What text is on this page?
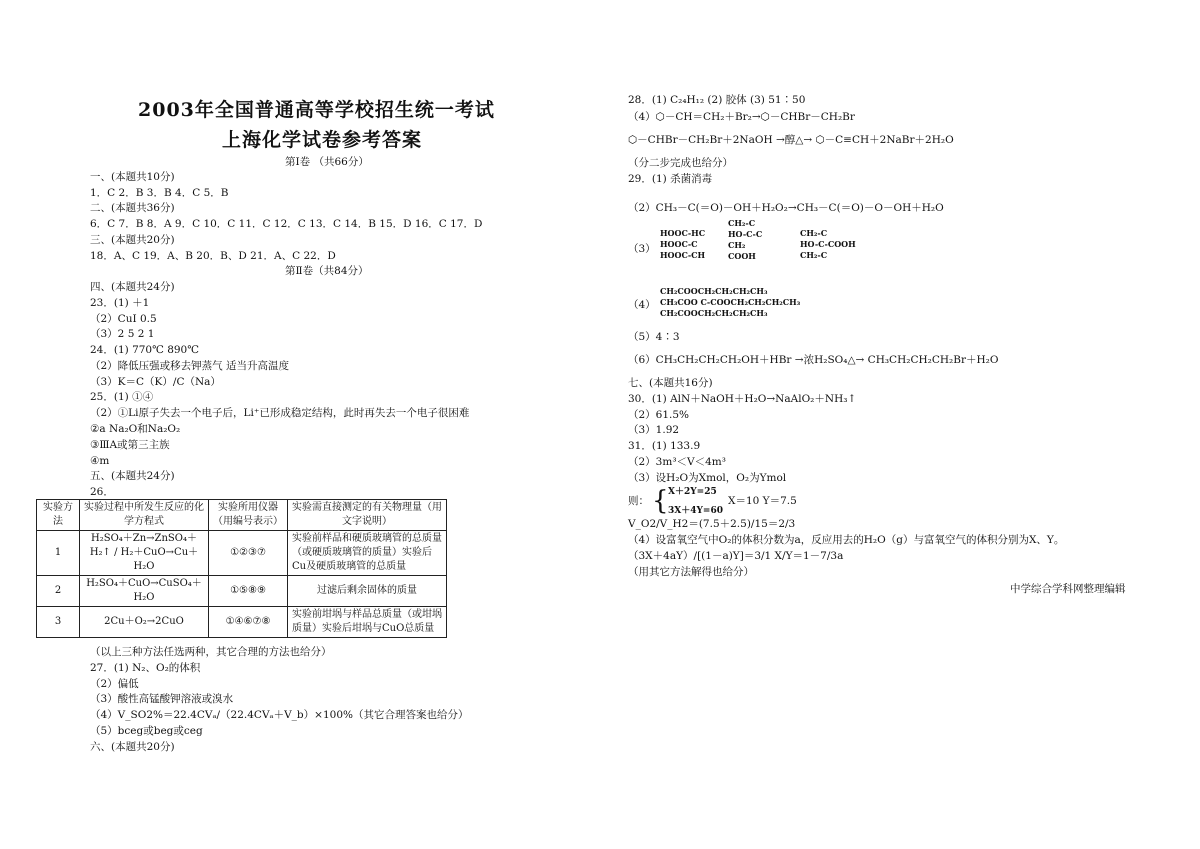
2003年全国普通高等学校招生统一考试
上海化学试卷参考答案
第Ⅰ卷 （共66分）
一、(本题共10分)
1．C 2．B 3．B 4．C 5．B
二、(本题共36分)
6．C 7．B 8．A 9．C 10．C 11．C 12．C 13．C 14．B 15．D 16．C 17．D
三、(本题共20分)
18．A、C 19．A、B 20．B、D 21．A、C 22．D
第Ⅱ卷（共84分）
四、(本题共24分)
23．(1) ＋1
（2）CuI 0.5
（3）2 5 2 1
24．(1) 770℃ 890℃
（2）降低压强或移去钾蒸气 适当升高温度
（3）K＝C（K）/C（Na）
25．(1) ①④
（2）①Li原子失去一个电子后，Li⁺已形成稳定结构，此时再失去一个电子很困难
②a Na₂O和Na₂O₂
③ⅢA或第三主族
④m
五、(本题共24分)
26．
（以上三种方法任选两种，其它合理的方法也给分）
27．(1) N₂、O₂的体积
（2）偏低
（3）酸性高锰酸钾溶液或溴水
（4）V_SO2%＝22.4CVₐ/（22.4CVₐ＋V_b）×100%（其它合理答案也给分）
（5）bceg或beg或ceg
六、(本题共20分)
实验方法	实验过程中所发生反应的化学方程式	实验所用仪器（用编号表示）	实验需直接测定的有关物理量（用文字说明）
1	H₂SO₄＋Zn→ZnSO₄＋H₂↑ / H₂＋CuO→Cu＋H₂O	①②③⑦	实验前样品和硬质玻璃管的总质量（或硬质玻璃管的质量）实验后Cu及硬质玻璃管的总质量
2	H₂SO₄＋CuO→CuSO₄＋H₂O	①⑤⑧⑨	过滤后剩余固体的质量
3	2Cu＋O₂→2CuO	①④⑥⑦⑧	实验前坩埚与样品总质量（或坩埚质量）实验后坩埚与CuO总质量
28．(1) C₂₄H₁₂ (2) 胶体 (3) 51∶50
（4）⬡－CH＝CH₂＋Br₂→⬡－CHBr－CH₂Br
⬡－CHBr－CH₂Br＋2NaOH →醇△→ ⬡－C≡CH＋2NaBr＋2H₂O
（分二步完成也给分）
29．(1) 杀菌消毒
（2）CH₃－C(＝O)－OH＋H₂O₂→CH₃－C(＝O)－O－OH＋H₂O
（3）
（4）
（5）4∶3
（6）CH₃CH₂CH₂CH₂OH＋HBr →浓H₂SO₄△→ CH₃CH₂CH₂CH₂Br＋H₂O
七、(本题共16分)
30．(1) AlN＋NaOH＋H₂O→NaAlO₂＋NH₃↑
（2）61.5%
（3）1.92
31．(1) 133.9
（2）3m³＜V＜4m³
（3）设H₂O为Xmol，O₂为Ymol
则：	X＝10 Y＝7.5
V_O2/V_H2＝(7.5＋2.5)/15＝2/3
（4）设富氧空气中O₂的体积分数为a，反应用去的H₂O（g）与富氧空气的体积分别为X、Y。
（3X＋4aY）/[(1－a)Y]＝3/1 X/Y＝1－7/3a
（用其它方法解得也给分）
HOOC-HC
HOOC-C
HOOC-CH
CH₂-C
HO-C-C
CH₂
COOH
CH₂-C
HO-C-COOH
CH₂-C
CH₂COOCH₂CH₂CH₂CH₃
CH₃COO C-COOCH₂CH₂CH₂CH₃
CH₂COOCH₂CH₂CH₂CH₃
{ X＋2Y=25
3X＋4Y=60
中学综合学科网整理编辑
